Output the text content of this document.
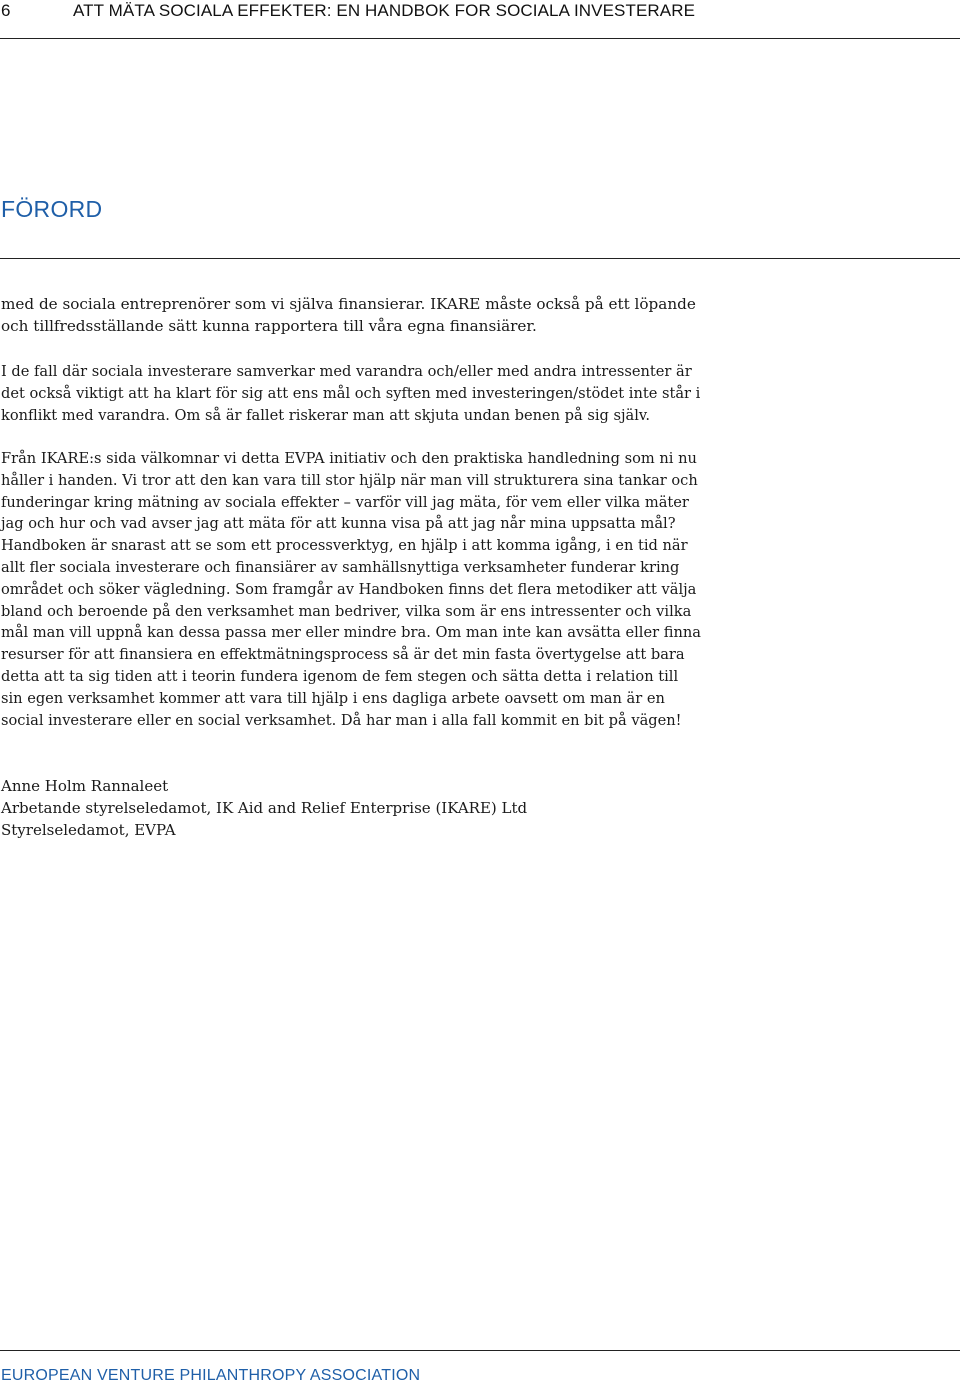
6	ATT MÄTA SOCIALA EFFEKTER: EN HANDBOK FOR SOCIALA INVESTERARE
FÖRORD

med de sociala entreprenörer som vi själva finansierar. IKARE måste också på ett löpande och tillfredsställande sätt kunna rapportera till våra egna finansiärer.

I de fall där sociala investerare samverkar med varandra och/eller med andra intressenter är det också viktigt att ha klart för sig att ens mål och syften med investeringen/stödet inte står i konflikt med varandra. Om så är fallet riskerar man att skjuta undan benen på sig själv.

Från IKARE:s sida välkomnar vi detta EVPA initiativ och den praktiska handledning som ni nu håller i handen. Vi tror att den kan vara till stor hjälp när man vill strukturera sina tankar och funderingar kring mätning av sociala effekter – varför vill jag mäta, för vem eller vilka mäter jag och hur och vad avser jag att mäta för att kunna visa på att jag når mina uppsatta mål? Handboken är snarast att se som ett processverktyg, en hjälp i att komma igång, i en tid när allt fler sociala investerare och finansiärer av samhällsnyttiga verksamheter funderar kring området och söker vägledning. Som framgår av Handboken finns det flera metodiker att välja bland och beroende på den verksamhet man bedriver, vilka som är ens intressenter och vilka mål man vill uppnå kan dessa passa mer eller mindre bra. Om man inte kan avsätta eller finna resurser för att finansiera en effektmätningsprocess så är det min fasta övertygelse att bara detta att ta sig tiden att i teorin fundera igenom de fem stegen och sätta detta i relation till sin egen verksamhet kommer att vara till hjälp i ens dagliga arbete oavsett om man är en social investerare eller en social verksamhet. Då har man i alla fall kommit en bit på vägen!

Anne Holm Rannaleet
Arbetande styrelseledamot, IK Aid and Relief Enterprise (IKARE) Ltd
Styrelseledamot, EVPA
EUROPEAN VENTURE PHILANTHROPY ASSOCIATION
